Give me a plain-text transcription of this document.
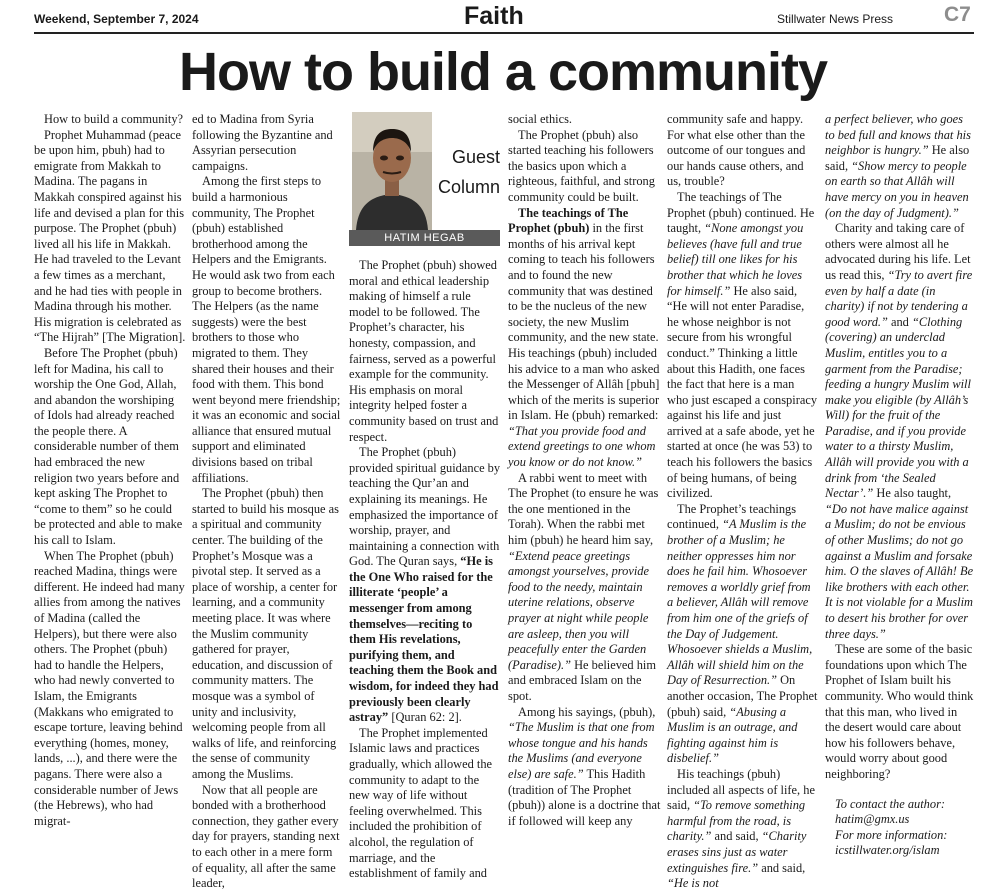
Weekend, September 7, 2024	Faith	Stillwater News Press C7
How to build a community

How to build a community?

Prophet Muhammad (peace be upon him, pbuh) had to emigrate from Makkah to Madina. The pagans in Makkah conspired against his life and devised a plan for this purpose. The Prophet (pbuh) lived all his life in Makkah. He had traveled to the Levant a few times as a merchant, and he had ties with people in Madina through his mother. His migration is celebrated as “The Hijrah” [The Migration].

Before The Prophet (pbuh) left for Madina, his call to worship the One God, Allah, and abandon the worshiping of Idols had already reached the people there. A considerable number of them had embraced the new religion two years before and kept asking The Prophet to “come to them” so he could be protected and able to make his call to Islam.

When The Prophet (pbuh) reached Madina, things were different. He indeed had many allies from among the natives of Madina (called the Helpers), but there were also others. The Prophet (pbuh) had to handle the Helpers, who had newly converted to Islam, the Emigrants (Makkans who emigrated to escape torture, leaving behind everything (homes, money, lands, ...), and there were the pagans. There were also a considerable number of Jews (the Hebrews), who had migrat-

ed to Madina from Syria following the Byzantine and Assyrian persecution campaigns.

Among the first steps to build a harmonious community, The Prophet (pbuh) established brotherhood among the Helpers and the Emigrants. He would ask two from each group to become brothers. The Helpers (as the name suggests) were the best brothers to those who migrated to them. They shared their houses and their food with them. This bond went beyond mere friendship; it was an economic and social alliance that ensured mutual support and eliminated divisions based on tribal affiliations.

The Prophet (pbuh) then started to build his mosque as a spiritual and community center. The building of the Prophet’s Mosque was a pivotal step. It served as a place of worship, a center for learning, and a community meeting place. It was where the Muslim community gathered for prayer, education, and discussion of community matters. The mosque was a symbol of unity and inclusivity, welcoming people from all walks of life, and reinforcing the sense of community among the Muslims.

Now that all people are bonded with a brotherhood connection, they gather every day for prayers, standing next to each other in a mere form of equality, all after the same leader,

Guest
Column
HATIM HEGAB

The Prophet (pbuh) showed moral and ethical leadership making of himself a rule model to be followed. The Prophet’s character, his honesty, compassion, and fairness, served as a powerful example for the community. His emphasis on moral integrity helped foster a community based on trust and respect.

The Prophet (pbuh) provided spiritual guidance by teaching the Qur’an and explaining its meanings. He emphasized the importance of worship, prayer, and maintaining a connection with God. The Quran says, “He is the One Who raised for the illiterate ‘people’ a messenger from among themselves—reciting to them His revelations, purifying them, and teaching them the Book and wisdom, for indeed they had previously been clearly astray” [Quran 62: 2].

The Prophet implemented Islamic laws and practices gradually, which allowed the community to adapt to the new way of life without feeling overwhelmed. This included the prohibition of alcohol, the regulation of marriage, and the establishment of family and

social ethics.

The Prophet (pbuh) also started teaching his followers the basics upon which a righteous, faithful, and strong community could be built.

The teachings of The Prophet (pbuh) in the first months of his arrival kept coming to teach his followers and to found the new community that was destined to be the nucleus of the new society, the new Muslim community, and the new state. His teachings (pbuh) included his advice to a man who asked the Messenger of Allâh [pbuh] which of the merits is superior in Islam. He (pbuh) remarked: “That you provide food and extend greetings to one whom you know or do not know.”

A rabbi went to meet with The Prophet (to ensure he was the one mentioned in the Torah). When the rabbi met him (pbuh) he heard him say, “Extend peace greetings amongst yourselves, provide food to the needy, maintain uterine relations, observe prayer at night while people are asleep, then you will peacefully enter the Garden (Paradise).” He believed him and embraced Islam on the spot.

Among his sayings, (pbuh), “The Muslim is that one from whose tongue and his hands the Muslims (and everyone else) are safe.” This Hadith (tradition of The Prophet (pbuh)) alone is a doctrine that if followed will keep any

community safe and happy. For what else other than the outcome of our tongues and our hands cause others, and us, trouble?

The teachings of The Prophet (pbuh) continued. He taught, “None amongst you believes (have full and true belief) till one likes for his brother that which he loves for himself.” He also said, “He will not enter Paradise, he whose neighbor is not secure from his wrongful conduct.” Thinking a little about this Hadith, one faces the fact that here is a man who just escaped a conspiracy against his life and just arrived at a safe abode, yet he started at once (he was 53) to teach his followers the basics of being humans, of being civilized.

The Prophet’s teachings continued, “A Muslim is the brother of a Muslim; he neither oppresses him nor does he fail him. Whosoever removes a worldly grief from a believer, Allâh will remove from him one of the griefs of the Day of Judgement. Whosoever shields a Muslim, Allâh will shield him on the Day of Resurrection.” On another occasion, The Prophet (pbuh) said, “Abusing a Muslim is an outrage, and fighting against him is disbelief.”

His teachings (pbuh) included all aspects of life, he said, “To remove something harmful from the road, is charity.” and said, “Charity erases sins just as water extinguishes fire.” and said, “He is not

a perfect believer, who goes to bed full and knows that his neighbor is hungry.” He also said, “Show mercy to people on earth so that Allâh will have mercy on you in heaven (on the day of Judgment).”

Charity and taking care of others were almost all he advocated during his life. Let us read this, “Try to avert fire even by half a date (in charity) if not by tendering a good word.” and “Clothing (covering) an underclad Muslim, entitles you to a garment from the Paradise; feeding a hungry Muslim will make you eligible (by Allâh’s Will) for the fruit of the Paradise, and if you provide water to a thirsty Muslim, Allâh will provide you with a drink from ‘the Sealed Nectar’.” He also taught, “Do not have malice against a Muslim; do not be envious of other Muslims; do not go against a Muslim and forsake him. O the slaves of Allâh! Be like brothers with each other. It is not violable for a Muslim to desert his brother for over three days.”

These are some of the basic foundations upon which The Prophet of Islam built his community. Who would think that this man, who lived in the desert would care about how his followers behave, would worry about good neighboring?

To contact the author:

hatim@gmx.us

For more information:

icstillwater.org/islam
